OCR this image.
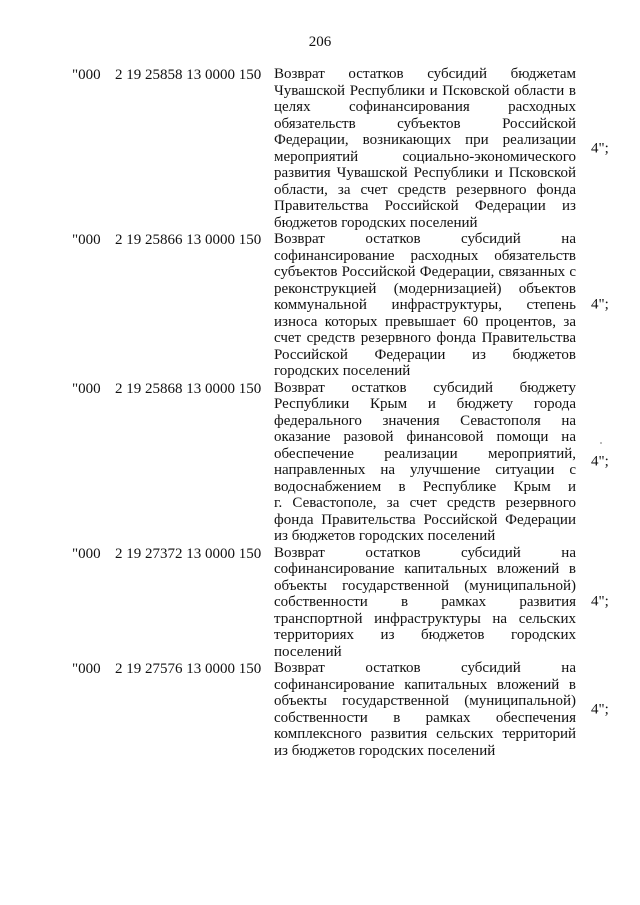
206
"000 2 19 25858 13 0000 150 Возврат остатков субсидий бюджетам
Чувашской Республики и Псковской области в
целях софинансирования расходных
обязательств субъектов Российской
Федерации, возникающих при реализации
мероприятий социально-экономического
развития Чувашской Республики и Псковской
области, за счет средств резервного фонда
Правительства Российской Федерации из
бюджетов городских поселений
4";
"000 2 19 25866 13 0000 150 Возврат остатков субсидий на
софинансирование расходных обязательств
субъектов Российской Федерации, связанных с
реконструкцией (модернизацией) объектов
коммунальной инфраструктуры, степень
износа которых превышает 60 процентов, за
счет средств резервного фонда Правительства
Российской Федерации из бюджетов
городских поселений
4";
"000 2 19 25868 13 0000 150 Возврат остатков субсидий бюджету
Республики Крым и бюджету города
федерального значения Севастополя на
оказание разовой финансовой помощи на
обеспечение реализации мероприятий,
направленных на улучшение ситуации с
водоснабжением в Республике Крым и
г. Севастополе, за счет средств резервного
фонда Правительства Российской Федерации
из бюджетов городских поселений
4";
"000 2 19 27372 13 0000 150 Возврат остатков субсидий на
софинансирование капитальных вложений в
объекты государственной (муниципальной)
собственности в рамках развития
транспортной инфраструктуры на сельских
территориях из бюджетов городских
поселений
4";
"000 2 19 27576 13 0000 150 Возврат остатков субсидий на
софинансирование капитальных вложений в
объекты государственной (муниципальной)
собственности в рамках обеспечения
комплексного развития сельских территорий
из бюджетов городских поселений
4";
